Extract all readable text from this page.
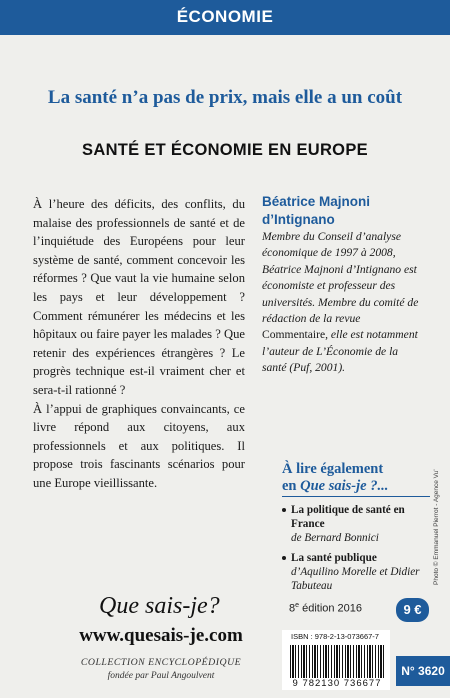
ÉCONOMIE
La santé n’a pas de prix, mais elle a un coût
SANTÉ ET ÉCONOMIE EN EUROPE

À l’heure des déficits, des conflits, du malaise des professionnels de santé et de l’inquiétude des Européens pour leur système de santé, comment concevoir les réformes ? Que vaut la vie humaine selon les pays et leur développement ? Comment rémunérer les médecins et les hôpitaux ou faire payer les malades ? Que retenir des expériences étrangères ? Le progrès technique est-il vraiment cher et sera-t-il rationné ?

À l’appui de graphiques convaincants, ce livre répond aux citoyens, aux professionnels et aux politiques. Il propose trois fascinants scénarios pour une Europe vieillissante.

Béatrice Majnoni d’Intignano
Membre du Conseil d’analyse économique de 1997 à 2008, Béatrice Majnoni d’Intignano est économiste et professeur des universités. Membre du comité de rédaction de la revue Commentaire, elle est notamment l’auteur de L’Économie de la santé (Puf, 2001).
À lire également
en Que sais-je ?...
La politique de santé en France
de Bernard Bonnici
La santé publique
d’Aquilino Morelle et Didier Tabuteau
Photo © Emmanuel Pierrot - Agence Vu'
Que sais-je?
www.quesais-je.com
COLLECTION ENCYCLOPÉDIQUE
fondée par Paul Angoulvent
8e édition 2016	9 €
ISBN : 978-2-13-073667-7
9 782130 736677
N° 3620
